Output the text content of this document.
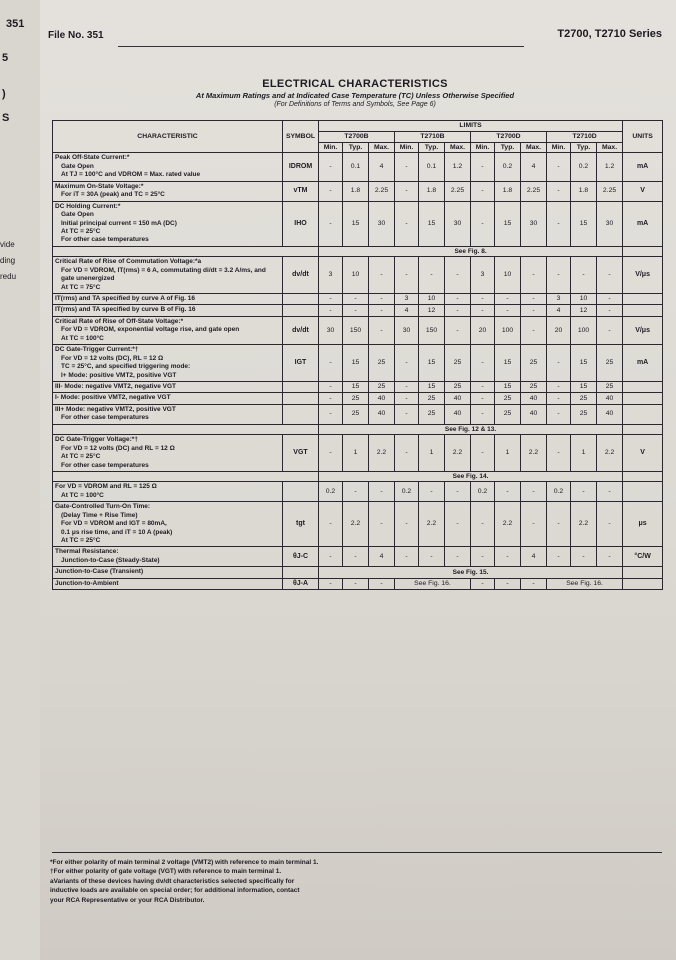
351
5
)
S
vide
ding
redu
File No. 351	T2700, T2710 Series
ELECTRICAL CHARACTERISTICS
At Maximum Ratings and at Indicated Case Temperature (TC) Unless Otherwise Specified
(For Definitions of Terms and Symbols, See Page 6)
CHARACTERISTIC	SYMBOL	LIMITS												UNITS
		T2700B			T2710B			T2700D			T2710D			
		Min.	Typ.	Max.	Min.	Typ.	Max.	Min.	Typ.	Max.	Min.	Typ.	Max.	

Peak Off-State Current:*
Gate Open
At TJ = 100°C and VDROM = Max. rated value	IDROM	-	0.1	4	-	0.1	1.2	-	0.2	4	-	0.2	1.2	mA

Maximum On-State Voltage:*
For iT = 30A (peak) and TC = 25°C	vTM	-	1.8	2.25	-	1.8	2.25	-	1.8	2.25	-	1.8	2.25	V

DC Holding Current:*
Gate Open
Initial principal current = 150 mA (DC)
At TC = 25°C
For other case temperatures	IHO	-	15	30	-	15	30	-	15	30	-	15	30	mA
		See Fig. 8.												

Critical Rate of Rise of Commutation Voltage:*a
For VD = VDROM, IT(rms) = 6 A, commutating di/dt = 3.2 A/ms, and gate unenergized
At TC = 75°C	dv/dt	3	10	-	-	-	-	3	10	-	-	-	-	V/μs

IT(rms) and TA specified by curve A of Fig. 16		-	-	-	3	10	-	-	-	-	3	10	-	

IT(rms) and TA specified by curve B of Fig. 16		-	-	-	4	12	-	-	-	-	4	12	-	

Critical Rate of Rise of Off-State Voltage:*
For VD = VDROM, exponential voltage rise, and gate open
At TC = 100°C	dv/dt	30	150	-	30	150	-	20	100	-	20	100	-	V/μs

DC Gate-Trigger Current:*†
For VD = 12 volts (DC), RL = 12 Ω
TC = 25°C, and specified triggering mode:
I+ Mode: positive VMT2, positive VGT	IGT	-	15	25	-	15	25	-	15	25	-	15	25	mA

III- Mode: negative VMT2, negative VGT		-	15	25	-	15	25	-	15	25	-	15	25	

I- Mode: positive VMT2, negative VGT		-	25	40	-	25	40	-	25	40	-	25	40	

III+ Mode: negative VMT2, positive VGT
For other case temperatures		-	25	40	-	25	40	-	25	40	-	25	40	
		See Fig. 12 & 13.												

DC Gate-Trigger Voltage:*†
For VD = 12 volts (DC) and RL = 12 Ω
At TC = 25°C
For other case temperatures	VGT	-	1	2.2	-	1	2.2	-	1	2.2	-	1	2.2	V
		See Fig. 14.												

For VD = VDROM and RL = 125 Ω
At TC = 100°C		0.2	-	-	0.2	-	-	0.2	-	-	0.2	-	-	

Gate-Controlled Turn-On Time:
(Delay Time + Rise Time)
For VD = VDROM and IGT = 80mA,
0.1 μs rise time, and iT = 10 A (peak)
At TC = 25°C	tgt	-	2.2	-	-	2.2	-	-	2.2	-	-	2.2	-	μs

Thermal Resistance:
Junction-to-Case (Steady-State)	θJ-C	-	-	4	-	-	-	-	-	4	-	-	-	°C/W

Junction-to-Case (Transient)		See Fig. 15.												

Junction-to-Ambient	θJ-A	-	-	-	See Fig. 16.			-	-	-	See Fig. 16.			
*For either polarity of main terminal 2 voltage (VMT2) with reference to main terminal 1.
†For either polarity of gate voltage (VGT) with reference to main terminal 1.
aVariants of these devices having dv/dt characteristics selected specifically for
inductive loads are available on special order; for additional information, contact
your RCA Representative or your RCA Distributor.
